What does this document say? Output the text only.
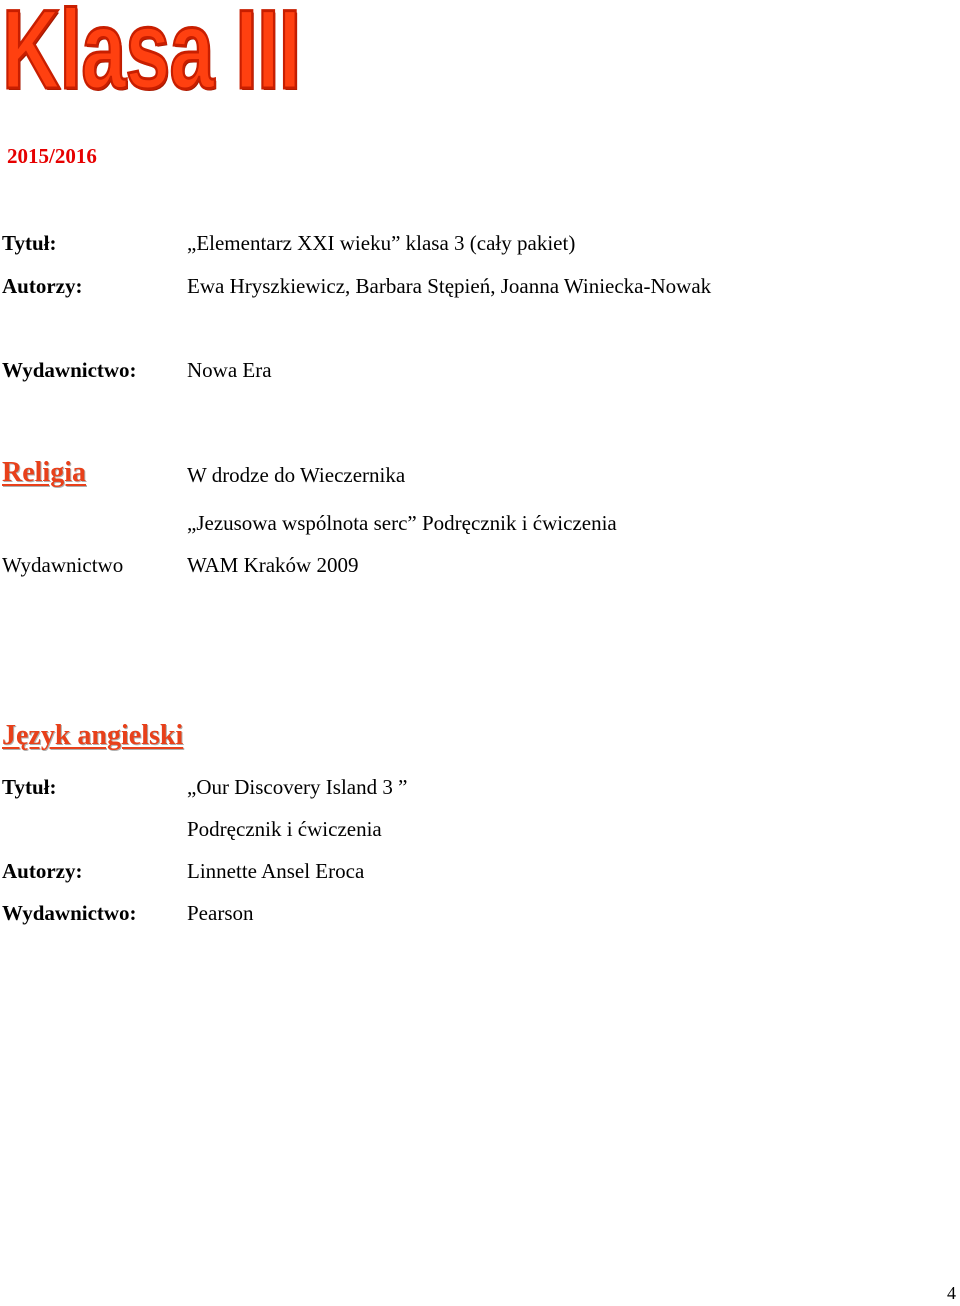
Klasa III
2015/2016
Tytuł:	„Elementarz XXI wieku” klasa 3 (cały pakiet)
Autorzy:	Ewa Hryszkiewicz, Barbara Stępień, Joanna Winiecka-Nowak
Wydawnictwo: Nowa Era
Religia	W drodze do Wieczernika
„Jezusowa wspólnota serc” Podręcznik i ćwiczenia
Wydawnictwo	WAM Kraków 2009
Język angielski
Tytuł:	„Our Discovery Island 3 ”
Podręcznik i ćwiczenia
Autorzy:	Linnette Ansel Eroca
Wydawnictwo: Pearson
4
